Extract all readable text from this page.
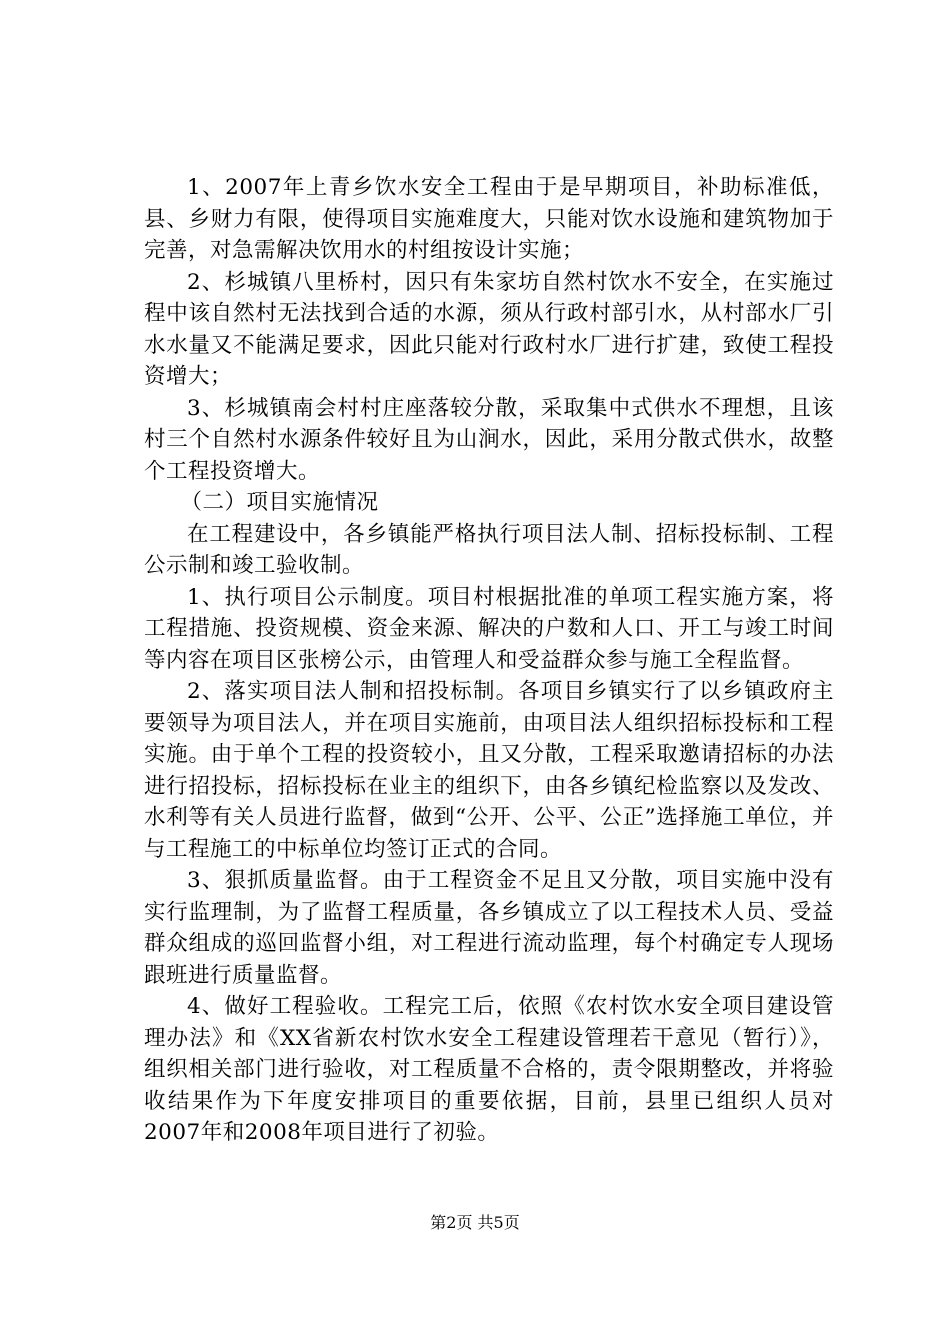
1、2007年上青乡饮水安全工程由于是早期项目，补助标准低，县、乡财力有限，使得项目实施难度大，只能对饮水设施和建筑物加于完善，对急需解决饮用水的村组按设计实施；

2、杉城镇八里桥村，因只有朱家坊自然村饮水不安全，在实施过程中该自然村无法找到合适的水源，须从行政村部引水，从村部水厂引水水量又不能满足要求，因此只能对行政村水厂进行扩建，致使工程投资增大；

3、杉城镇南会村村庄座落较分散，采取集中式供水不理想，且该村三个自然村水源条件较好且为山涧水，因此，采用分散式供水，故整个工程投资增大。

（二）项目实施情况

在工程建设中，各乡镇能严格执行项目法人制、招标投标制、工程公示制和竣工验收制。

1、执行项目公示制度。项目村根据批准的单项工程实施方案，将工程措施、投资规模、资金来源、解决的户数和人口、开工与竣工时间等内容在项目区张榜公示，由管理人和受益群众参与施工全程监督。

2、落实项目法人制和招投标制。各项目乡镇实行了以乡镇政府主要领导为项目法人，并在项目实施前，由项目法人组织招标投标和工程实施。由于单个工程的投资较小，且又分散，工程采取邀请招标的办法进行招投标，招标投标在业主的组织下，由各乡镇纪检监察以及发改、水利等有关人员进行监督，做到“公开、公平、公正”选择施工单位，并与工程施工的中标单位均签订正式的合同。

3、狠抓质量监督。由于工程资金不足且又分散，项目实施中没有实行监理制，为了监督工程质量，各乡镇成立了以工程技术人员、受益群众组成的巡回监督小组，对工程进行流动监理，每个村确定专人现场跟班进行质量监督。

4、做好工程验收。工程完工后，依照《农村饮水安全项目建设管理办法》和《XX省新农村饮水安全工程建设管理若干意见（暂行）》，组织相关部门进行验收，对工程质量不合格的，责令限期整改，并将验收结果作为下年度安排项目的重要依据，目前，县里已组织人员对2007年和2008年项目进行了初验。

第2页 共5页
